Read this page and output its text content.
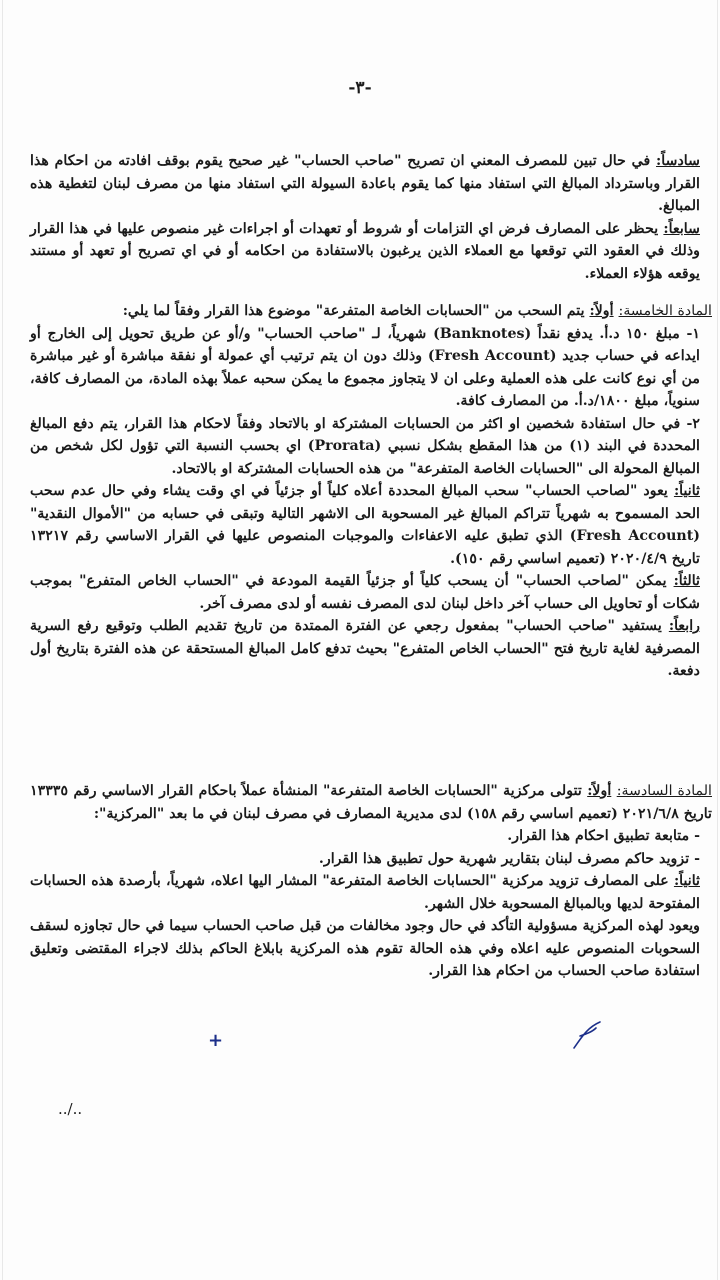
-٣-

سادساً: في حال تبين للمصرف المعني ان تصريح "صاحب الحساب" غير صحيح يقوم بوقف افادته من احكام هذا القرار وباسترداد المبالغ التي استفاد منها كما يقوم باعادة السيولة التي استفاد منها من مصرف لبنان لتغطية هذه المبالغ.

سابعاً: يحظر على المصارف فرض اي التزامات أو شروط أو تعهدات أو اجراءات غير منصوص عليها في هذا القرار وذلك في العقود التي توقعها مع العملاء الذين يرغبون بالاستفادة من احكامه أو في اي تصريح أو تعهد أو مستند يوقعه هؤلاء العملاء.

المادة الخامسة: أولاً: يتم السحب من "الحسابات الخاصة المتفرعة" موضوع هذا القرار وفقاً لما يلي:

١- مبلغ ١٥٠ د.أ. يدفع نقداً (Banknotes) شهرياً، لـ "صاحب الحساب" و/أو عن طريق تحويل إلى الخارج أو ايداعه في حساب جديد (Fresh Account) وذلك دون ان يتم ترتيب أي عمولة أو نفقة مباشرة أو غير مباشرة من أي نوع كانت على هذه العملية وعلى ان لا يتجاوز مجموع ما يمكن سحبه عملاً بهذه المادة، من المصارف كافة، سنوياً، مبلغ ١٨٠٠/د.أ. من المصارف كافة.

٢- في حال استفادة شخصين او اكثر من الحسابات المشتركة او بالاتحاد وفقاً لاحكام هذا القرار، يتم دفع المبالغ المحددة في البند (١) من هذا المقطع بشكل نسبي (Prorata) اي بحسب النسبة التي تؤول لكل شخص من المبالغ المحولة الى "الحسابات الخاصة المتفرعة" من هذه الحسابات المشتركة او بالاتحاد.

ثانياً: يعود "لصاحب الحساب" سحب المبالغ المحددة أعلاه كلياً أو جزئياً في اي وقت يشاء وفي حال عدم سحب الحد المسموح به شهرياً تتراكم المبالغ غير المسحوبة الى الاشهر التالية وتبقى في حسابه من "الأموال النقدية" (Fresh Account) الذي تطبق عليه الاعفاءات والموجبات المنصوص عليها في القرار الاساسي رقم ١٣٢١٧ تاريخ ٢٠٢٠/٤/٩ (تعميم اساسي رقم ١٥٠).

ثالثاً: يمكن "لصاحب الحساب" أن يسحب كلياً أو جزئياً القيمة المودعة في "الحساب الخاص المتفرع" بموجب شكات أو تحاويل الى حساب آخر داخل لبنان لدى المصرف نفسه أو لدى مصرف آخر.

رابعاً: يستفيد "صاحب الحساب" بمفعول رجعي عن الفترة الممتدة من تاريخ تقديم الطلب وتوقيع رفع السرية المصرفية لغاية تاريخ فتح "الحساب الخاص المتفرع" بحيث تدفع كامل المبالغ المستحقة عن هذه الفترة بتاريخ أول دفعة.

المادة السادسة: أولاً: تتولى مركزية "الحسابات الخاصة المتفرعة" المنشأة عملاً باحكام القرار الاساسي رقم ١٣٣٣٥ تاريخ ٢٠٢١/٦/٨ (تعميم اساسي رقم ١٥٨) لدى مديرية المصارف في مصرف لبنان في ما بعد "المركزية":

- متابعة تطبيق احكام هذا القرار.

- تزويد حاكم مصرف لبنان بتقارير شهرية حول تطبيق هذا القرار.

ثانياً: على المصارف تزويد مركزية "الحسابات الخاصة المتفرعة" المشار اليها اعلاه، شهرياً، بأرصدة هذه الحسابات المفتوحة لديها وبالمبالغ المسحوبة خلال الشهر.

ويعود لهذه المركزية مسؤولية التأكد في حال وجود مخالفات من قبل صاحب الحساب سيما في حال تجاوزه لسقف السحوبات المنصوص عليه اعلاه وفي هذه الحالة تقوم هذه المركزية بابلاغ الحاكم بذلك لاجراء المقتضى وتعليق استفادة صاحب الحساب من احكام هذا القرار.

+
../..
